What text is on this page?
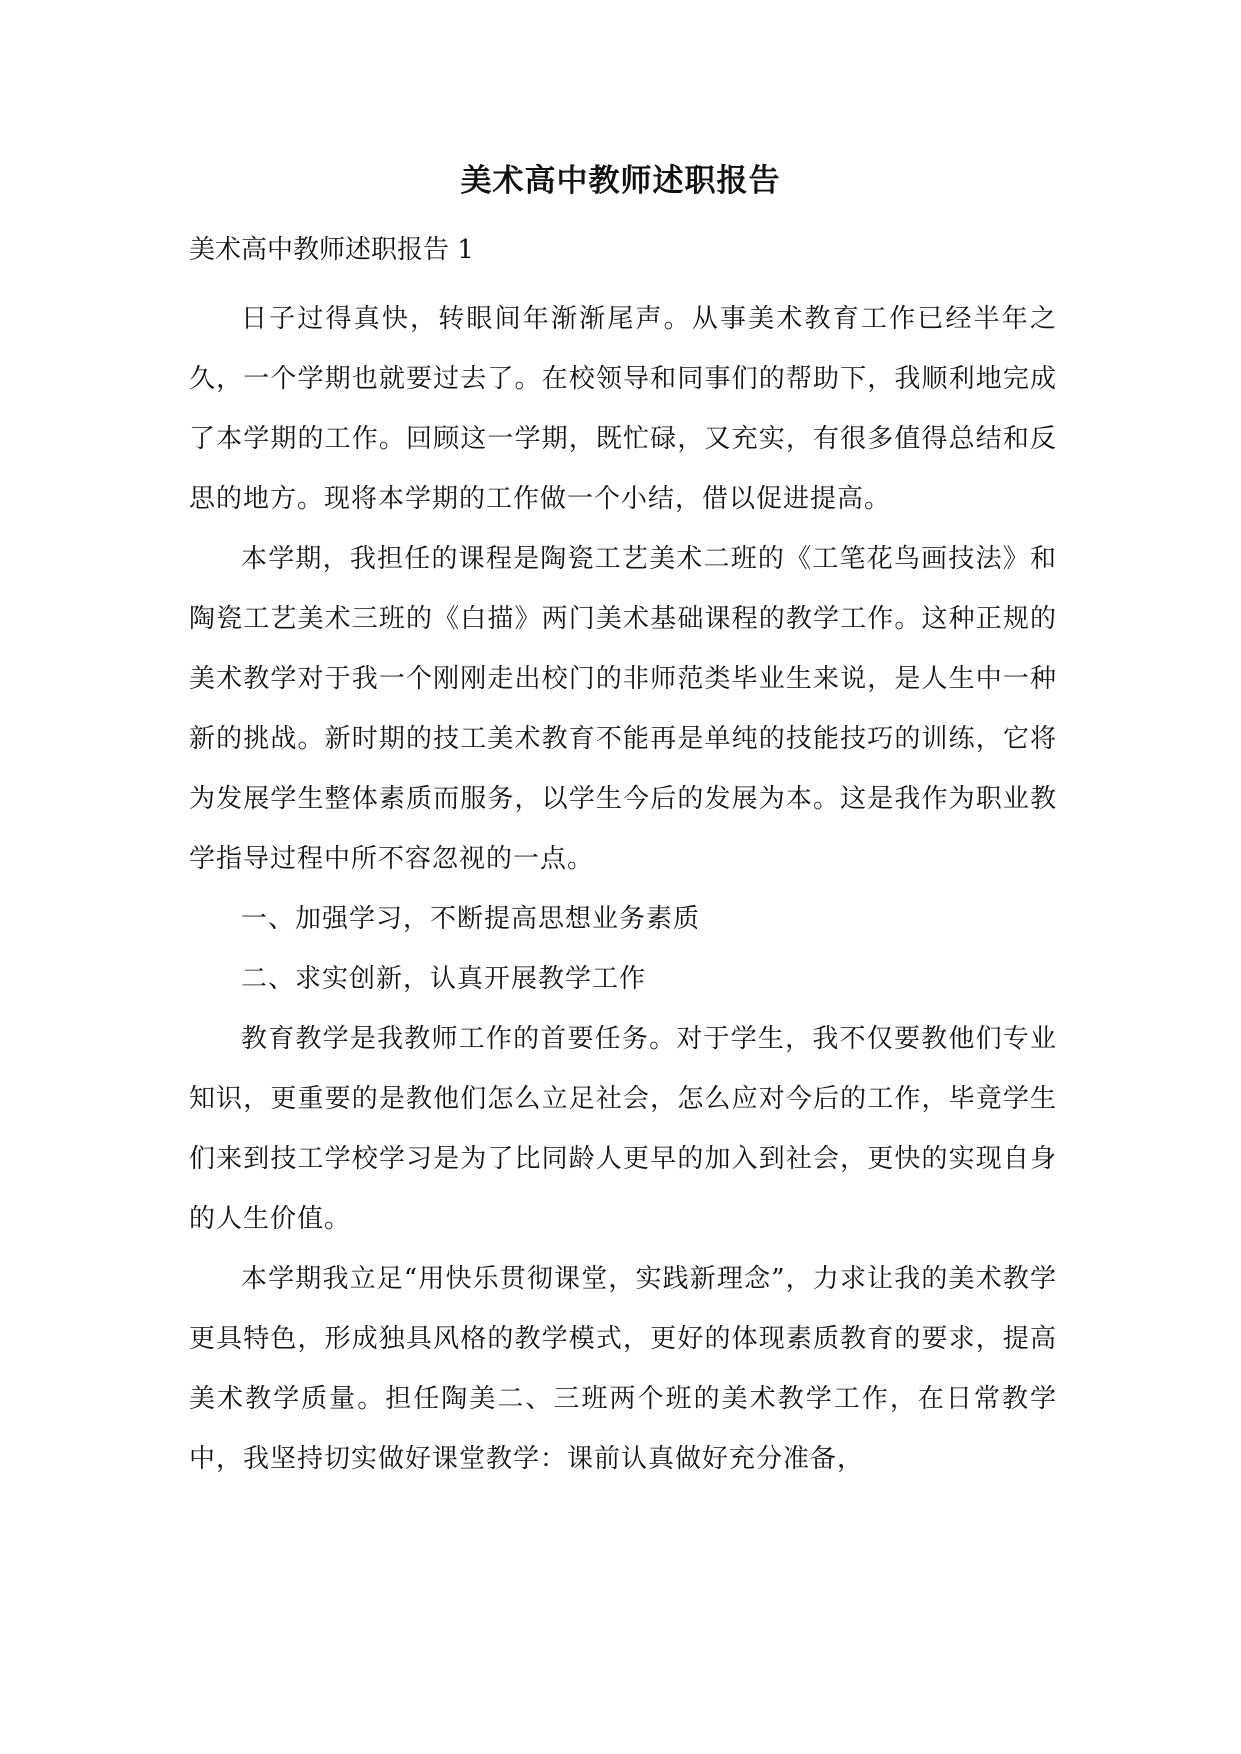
美术高中教师述职报告

美术高中教师述职报告 1

日子过得真快，转眼间年渐渐尾声。从事美术教育工作已经半年之久，一个学期也就要过去了。在校领导和同事们的帮助下，我顺利地完成了本学期的工作。回顾这一学期，既忙碌，又充实，有很多值得总结和反思的地方。现将本学期的工作做一个小结，借以促进提高。

本学期，我担任的课程是陶瓷工艺美术二班的《工笔花鸟画技法》和陶瓷工艺美术三班的《白描》两门美术基础课程的教学工作。这种正规的美术教学对于我一个刚刚走出校门的非师范类毕业生来说，是人生中一种新的挑战。新时期的技工美术教育不能再是单纯的技能技巧的训练，它将为发展学生整体素质而服务，以学生今后的发展为本。这是我作为职业教学指导过程中所不容忽视的一点。

一、加强学习，不断提高思想业务素质

二、求实创新，认真开展教学工作

教育教学是我教师工作的首要任务。对于学生，我不仅要教他们专业知识，更重要的是教他们怎么立足社会，怎么应对今后的工作，毕竟学生们来到技工学校学习是为了比同龄人更早的加入到社会，更快的实现自身的人生价值。

本学期我立足“用快乐贯彻课堂，实践新理念”，力求让我的美术教学更具特色，形成独具风格的教学模式，更好的体现素质教育的要求，提高美术教学质量。担任陶美二、三班两个班的美术教学工作，在日常教学中，我坚持切实做好课堂教学：课前认真做好充分准备，
